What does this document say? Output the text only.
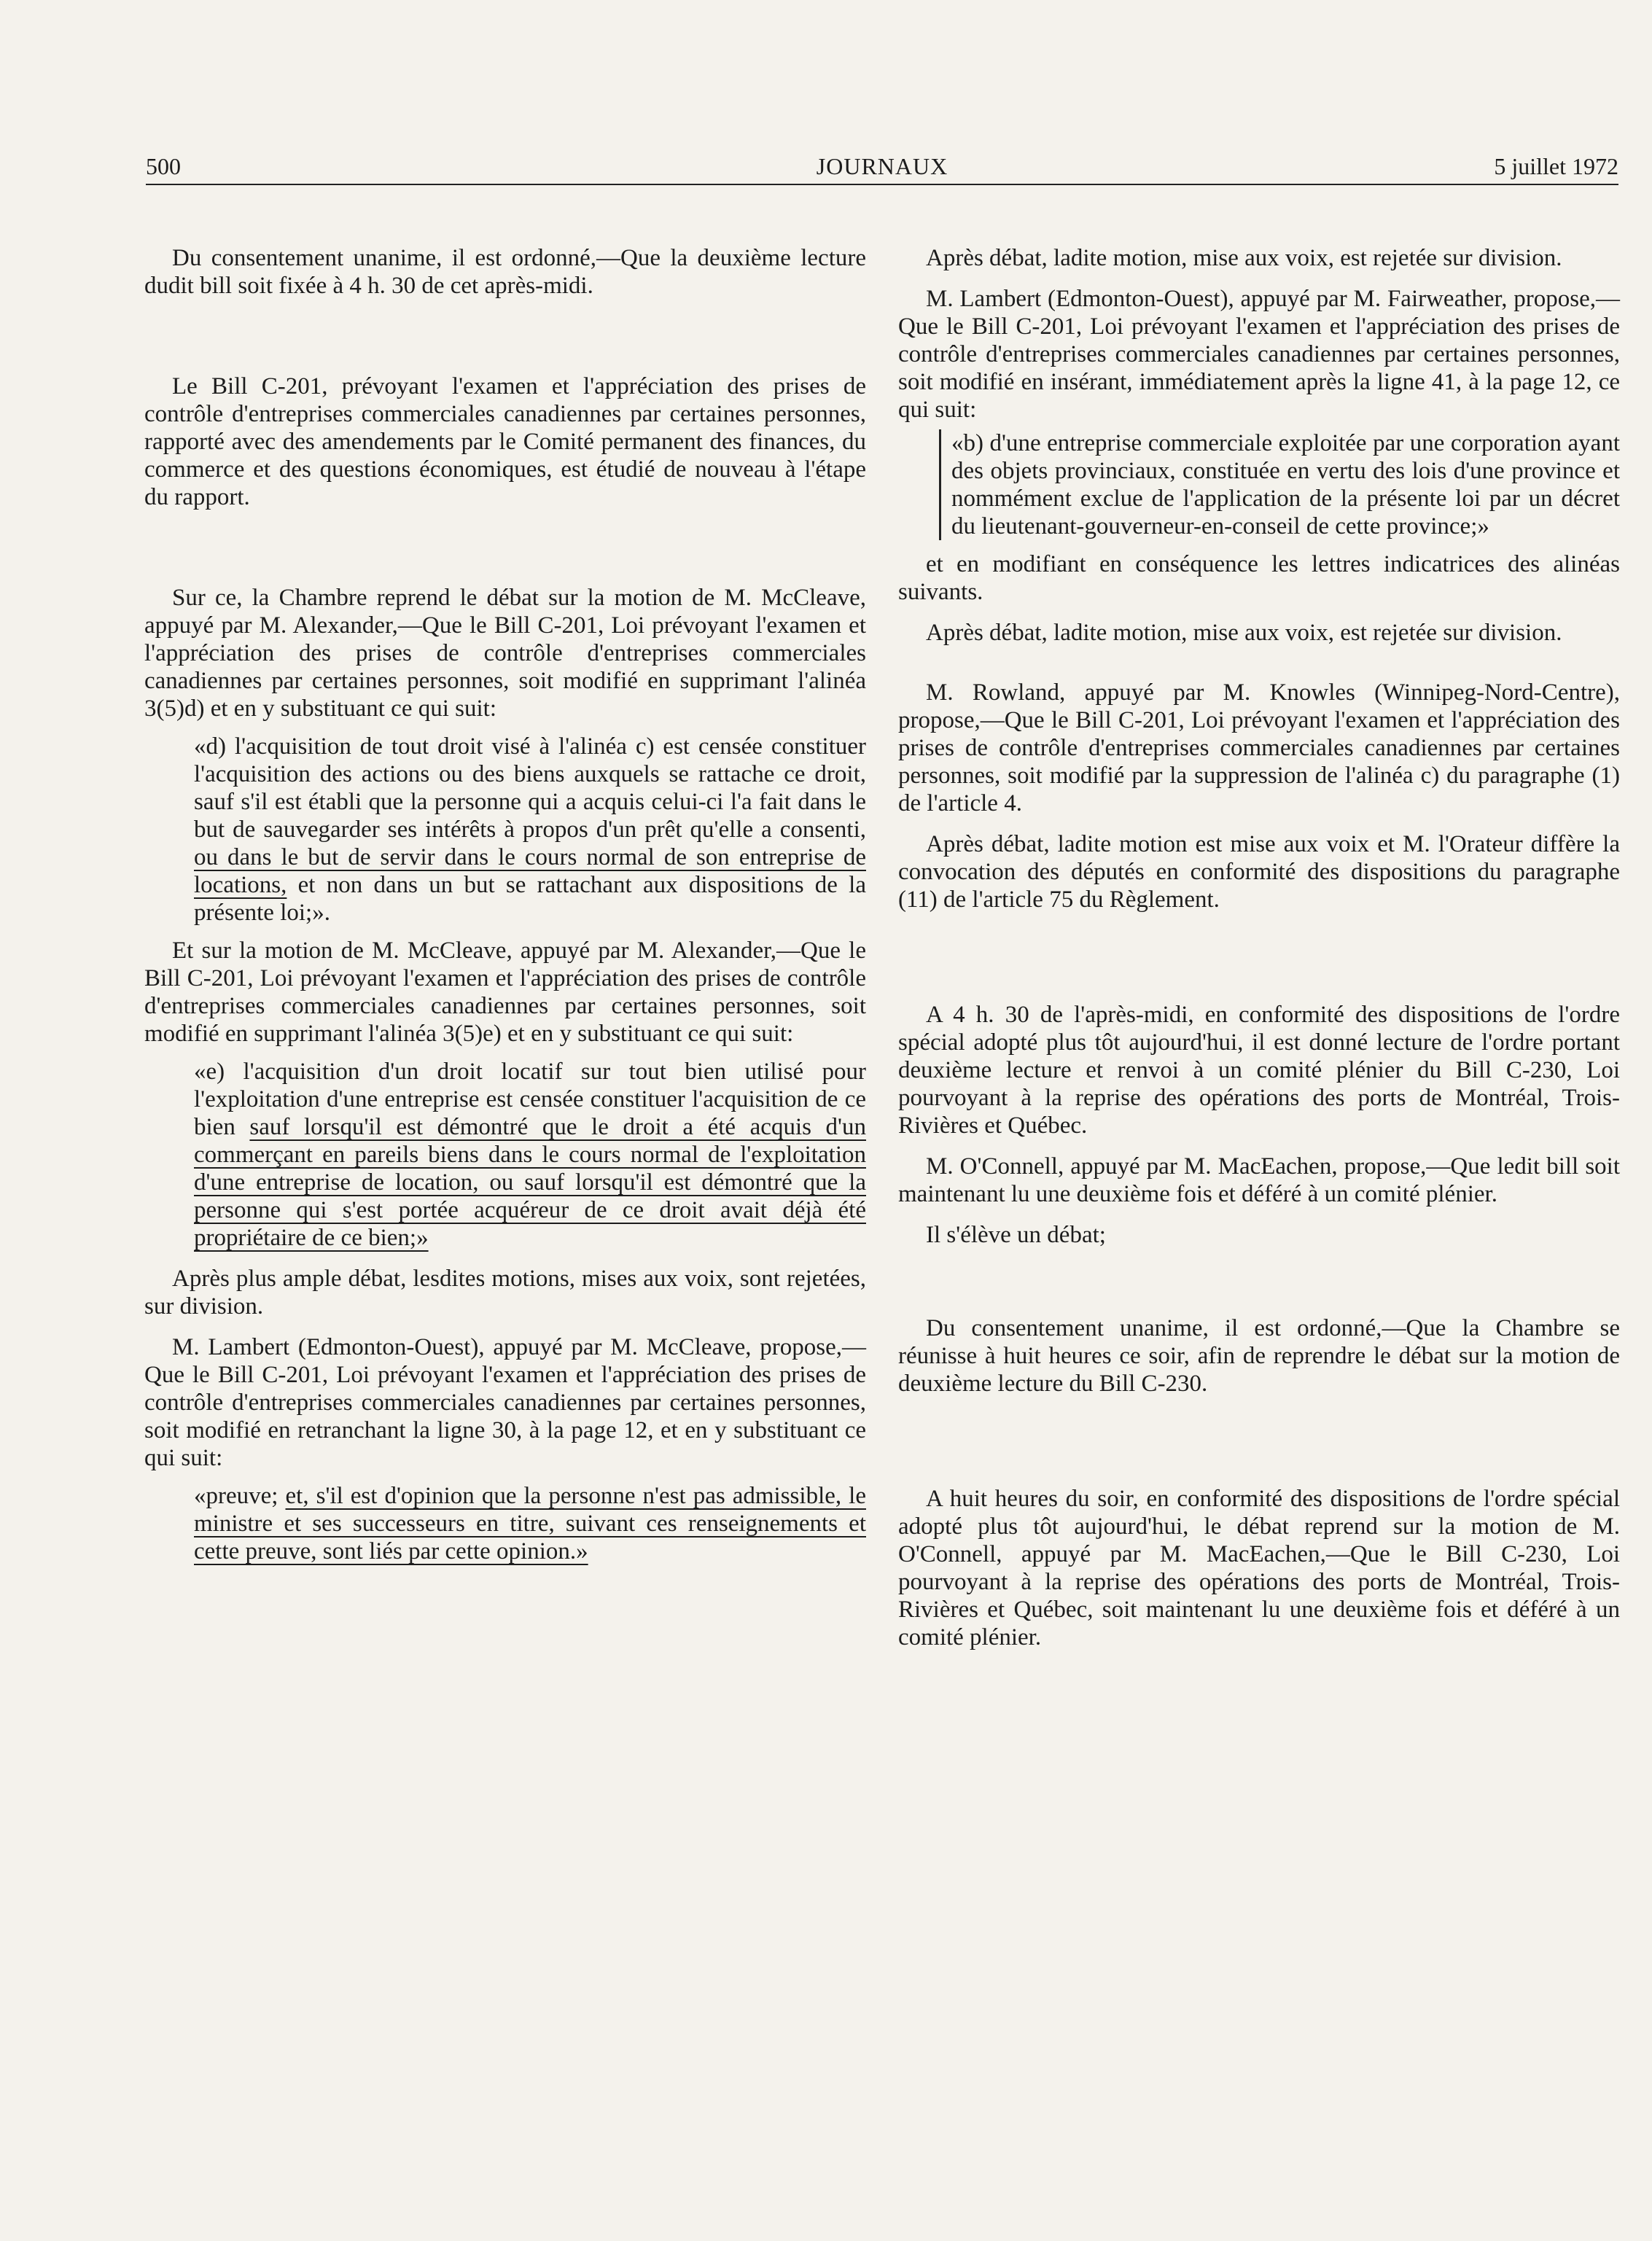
500	JOURNAUX	5 juillet 1972

Du consentement unanime, il est ordonné,—Que la deuxième lecture dudit bill soit fixée à 4 h. 30 de cet après-midi.

Le Bill C-201, prévoyant l'examen et l'appréciation des prises de contrôle d'entreprises commerciales canadiennes par certaines personnes, rapporté avec des amendements par le Comité permanent des finances, du commerce et des questions économiques, est étudié de nouveau à l'étape du rapport.

Sur ce, la Chambre reprend le débat sur la motion de M. McCleave, appuyé par M. Alexander,—Que le Bill C-201, Loi prévoyant l'examen et l'appréciation des prises de contrôle d'entreprises commerciales canadiennes par certaines personnes, soit modifié en supprimant l'alinéa 3(5)d) et en y substituant ce qui suit:

«d) l'acquisition de tout droit visé à l'alinéa c) est censée constituer l'acquisition des actions ou des biens auxquels se rattache ce droit, sauf s'il est établi que la personne qui a acquis celui-ci l'a fait dans le but de sauvegarder ses intérêts à propos d'un prêt qu'elle a consenti, ou dans le but de servir dans le cours normal de son entreprise de locations, et non dans un but se rattachant aux dispositions de la présente loi;».

Et sur la motion de M. McCleave, appuyé par M. Alexander,—Que le Bill C-201, Loi prévoyant l'examen et l'appréciation des prises de contrôle d'entreprises commerciales canadiennes par certaines personnes, soit modifié en supprimant l'alinéa 3(5)e) et en y substituant ce qui suit:

«e) l'acquisition d'un droit locatif sur tout bien utilisé pour l'exploitation d'une entreprise est censée constituer l'acquisition de ce bien sauf lorsqu'il est démontré que le droit a été acquis d'un commerçant en pareils biens dans le cours normal de l'exploitation d'une entreprise de location, ou sauf lorsqu'il est démontré que la personne qui s'est portée acquéreur de ce droit avait déjà été propriétaire de ce bien;»

Après plus ample débat, lesdites motions, mises aux voix, sont rejetées, sur division.

M. Lambert (Edmonton-Ouest), appuyé par M. McCleave, propose,—Que le Bill C-201, Loi prévoyant l'examen et l'appréciation des prises de contrôle d'entreprises commerciales canadiennes par certaines personnes, soit modifié en retranchant la ligne 30, à la page 12, et en y substituant ce qui suit:

«preuve; et, s'il est d'opinion que la personne n'est pas admissible, le ministre et ses successeurs en titre, suivant ces renseignements et cette preuve, sont liés par cette opinion.»

Après débat, ladite motion, mise aux voix, est rejetée sur division.

M. Lambert (Edmonton-Ouest), appuyé par M. Fairweather, propose,—Que le Bill C-201, Loi prévoyant l'examen et l'appréciation des prises de contrôle d'entreprises commerciales canadiennes par certaines personnes, soit modifié en insérant, immédiatement après la ligne 41, à la page 12, ce qui suit:

«b) d'une entreprise commerciale exploitée par une corporation ayant des objets provinciaux, constituée en vertu des lois d'une province et nommément exclue de l'application de la présente loi par un décret du lieutenant-gouverneur-en-conseil de cette province;»

et en modifiant en conséquence les lettres indicatrices des alinéas suivants.

Après débat, ladite motion, mise aux voix, est rejetée sur division.

M. Rowland, appuyé par M. Knowles (Winnipeg-Nord-Centre), propose,—Que le Bill C-201, Loi prévoyant l'examen et l'appréciation des prises de contrôle d'entreprises commerciales canadiennes par certaines personnes, soit modifié par la suppression de l'alinéa c) du paragraphe (1) de l'article 4.

Après débat, ladite motion est mise aux voix et M. l'Orateur diffère la convocation des députés en conformité des dispositions du paragraphe (11) de l'article 75 du Règlement.

A 4 h. 30 de l'après-midi, en conformité des dispositions de l'ordre spécial adopté plus tôt aujourd'hui, il est donné lecture de l'ordre portant deuxième lecture et renvoi à un comité plénier du Bill C-230, Loi pourvoyant à la reprise des opérations des ports de Montréal, Trois-Rivières et Québec.

M. O'Connell, appuyé par M. MacEachen, propose,—Que ledit bill soit maintenant lu une deuxième fois et déféré à un comité plénier.

Il s'élève un débat;

Du consentement unanime, il est ordonné,—Que la Chambre se réunisse à huit heures ce soir, afin de reprendre le débat sur la motion de deuxième lecture du Bill C-230.

A huit heures du soir, en conformité des dispositions de l'ordre spécial adopté plus tôt aujourd'hui, le débat reprend sur la motion de M. O'Connell, appuyé par M. MacEachen,—Que le Bill C-230, Loi pourvoyant à la reprise des opérations des ports de Montréal, Trois-Rivières et Québec, soit maintenant lu une deuxième fois et déféré à un comité plénier.
